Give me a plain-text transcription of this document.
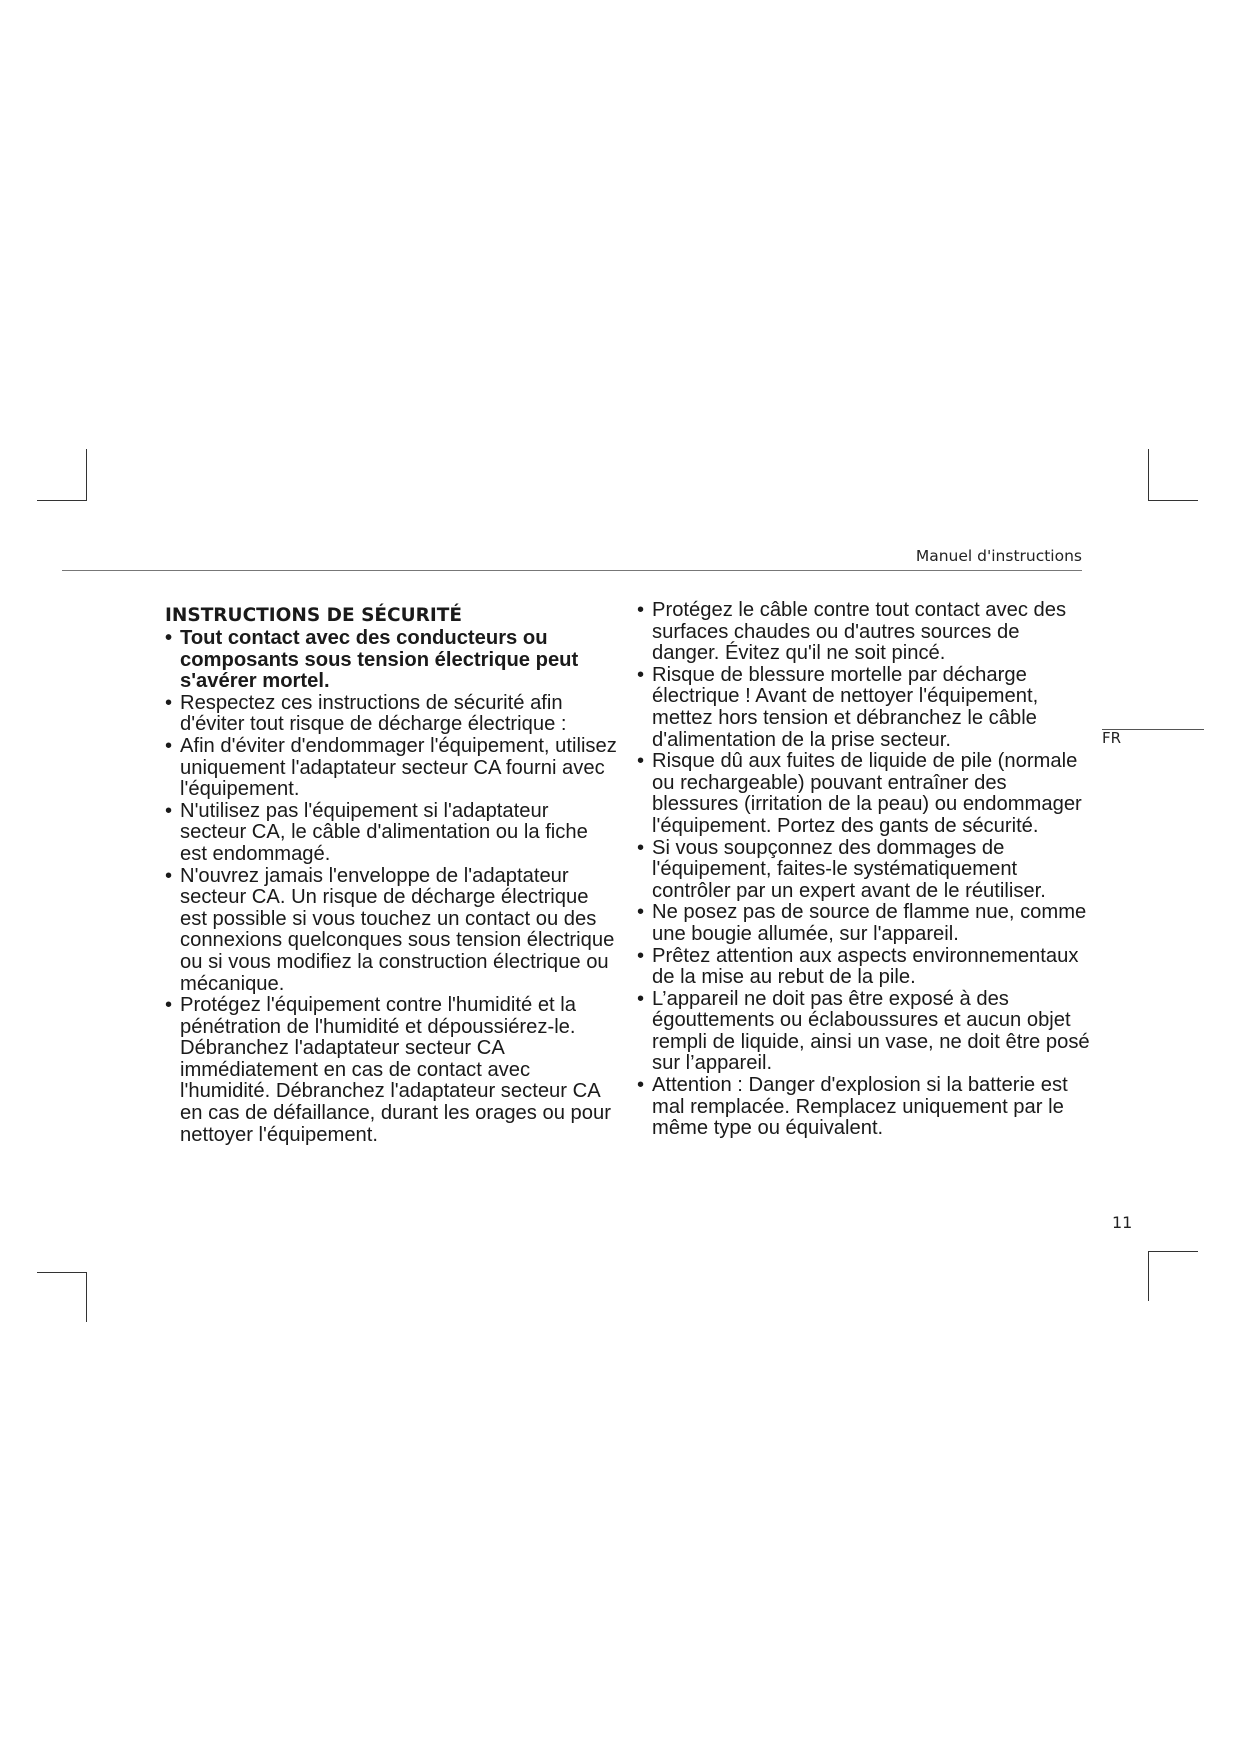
Manuel d'instructions
FR
INSTRUCTIONS DE SÉCURITÉ
• Tout contact avec des conducteurs ou composants sous tension électrique peut s'avérer mortel.
• Respectez ces instructions de sécurité afin d'éviter tout risque de décharge électrique :
• Afin d'éviter d'endommager l'équipement, utilisez uniquement l'adaptateur secteur CA fourni avec l'équipement.
• N'utilisez pas l'équipement si l'adaptateur secteur CA, le câble d'alimentation ou la fiche est endommagé.
• N'ouvrez jamais l'enveloppe de l'adaptateur secteur CA. Un risque de décharge électrique est possible si vous touchez un contact ou des connexions quelconques sous tension électrique ou si vous modifiez la construction électrique ou mécanique.
• Protégez l'équipement contre l'humidité et la pénétration de l'humidité et dépoussiérez-le. Débranchez l'adaptateur secteur CA immédiatement en cas de contact avec l'humidité. Débranchez l'adaptateur secteur CA en cas de défaillance, durant les orages ou pour nettoyer l'équipement.
• Protégez le câble contre tout contact avec des surfaces chaudes ou d'autres sources de danger. Évitez qu'il ne soit pincé.
• Risque de blessure mortelle par décharge électrique ! Avant de nettoyer l'équipement, mettez hors tension et débranchez le câble d'alimentation de la prise secteur.
• Risque dû aux fuites de liquide de pile (normale ou rechargeable) pouvant entraîner des blessures (irritation de la peau) ou endommager l'équipement. Portez des gants de sécurité.
• Si vous soupçonnez des dommages de l'équipement, faites-le systématiquement contrôler par un expert avant de le réutiliser.
• Ne posez pas de source de flamme nue, comme une bougie allumée, sur l'appareil.
• Prêtez attention aux aspects environnementaux de la mise au rebut de la pile.
• L’appareil ne doit pas être exposé à des égouttements ou éclaboussures et aucun objet rempli de liquide, ainsi un vase, ne doit être posé sur l’appareil.
• Attention : Danger d'explosion si la batterie est mal remplacée. Remplacez uniquement par le même type ou équivalent.
11
